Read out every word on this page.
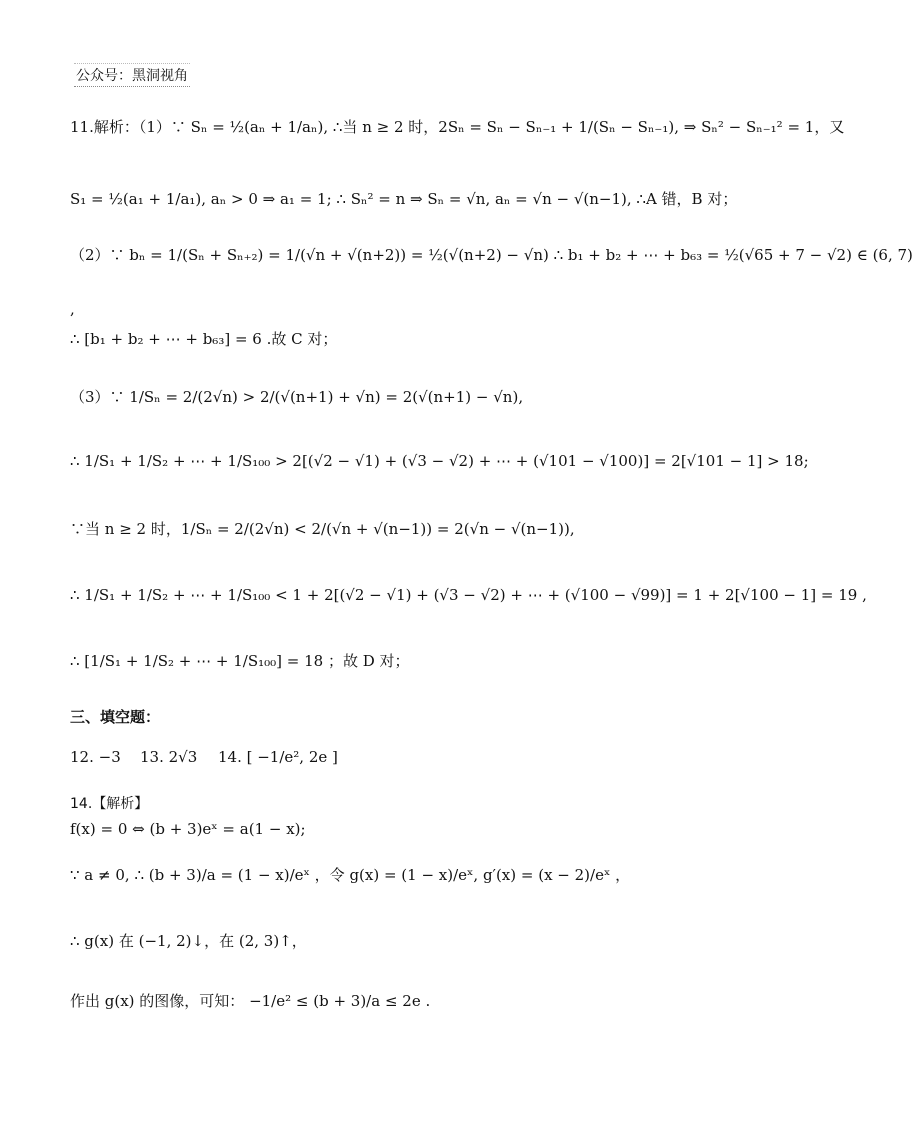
公众号：黑洞视角
11.解析：（1）∵ Sₙ = ½(aₙ + 1/aₙ), ∴当 n ≥ 2 时，2Sₙ = Sₙ − Sₙ₋₁ + 1/(Sₙ − Sₙ₋₁), ⇒ Sₙ² − Sₙ₋₁² = 1，又
S₁ = ½(a₁ + 1/a₁), aₙ > 0 ⇒ a₁ = 1; ∴ Sₙ² = n ⇒ Sₙ = √n, aₙ = √n − √(n−1), ∴A 错，B 对；
（2）∵ bₙ = 1/(Sₙ + Sₙ₊₂) = 1/(√n + √(n+2)) = ½(√(n+2) − √n) ∴ b₁ + b₂ + ⋯ + b₆₃ = ½(√65 + 7 − √2) ∈ (6, 7)
,
∴ [b₁ + b₂ + ⋯ + b₆₃] = 6 .故 C 对；
（3）∵ 1/Sₙ = 2/(2√n) > 2/(√(n+1) + √n) = 2(√(n+1) − √n),
∴ 1/S₁ + 1/S₂ + ⋯ + 1/S₁₀₀ > 2[(√2 − √1) + (√3 − √2) + ⋯ + (√101 − √100)] = 2[√101 − 1] > 18;
∵当 n ≥ 2 时，1/Sₙ = 2/(2√n) < 2/(√n + √(n−1)) = 2(√n − √(n−1)),
∴ 1/S₁ + 1/S₂ + ⋯ + 1/S₁₀₀ < 1 + 2[(√2 − √1) + (√3 − √2) + ⋯ + (√100 − √99)] = 1 + 2[√100 − 1] = 19 ,
∴ [1/S₁ + 1/S₂ + ⋯ + 1/S₁₀₀] = 18 ；故 D 对；
三、填空题：
12. −3	13. 2√3	14. [ −1/e², 2e ]
14.【解析】
f(x) = 0 ⇔ (b + 3)eˣ = a(1 − x);
∵ a ≠ 0, ∴ (b + 3)/a = (1 − x)/eˣ ，令 g(x) = (1 − x)/eˣ, g′(x) = (x − 2)/eˣ ，
∴ g(x) 在 (−1, 2)↓，在 (2, 3)↑，
作出 g(x) 的图像，可知： −1/e² ≤ (b + 3)/a ≤ 2e .
